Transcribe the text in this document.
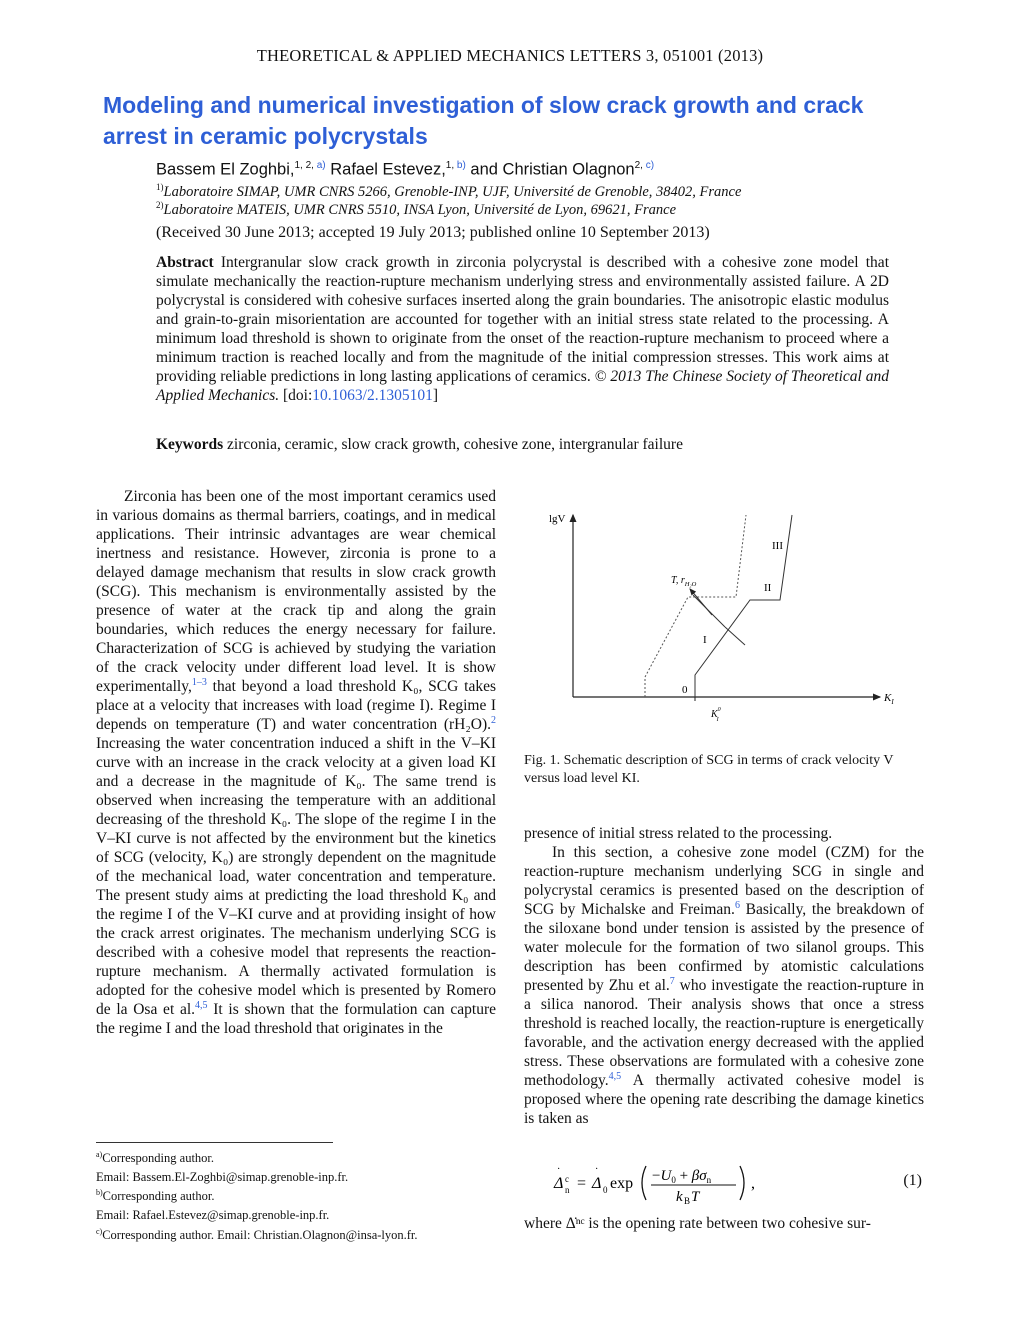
THEORETICAL & APPLIED MECHANICS LETTERS 3, 051001 (2013)
Modeling and numerical investigation of slow crack growth and crack arrest in ceramic polycrystals
Bassem El Zoghbi,$^{1, 2, a)}$ Rafael Estevez,$^{1, b)}$ and Christian Olagnon$^{2, c)}$
$^{1)}$Laboratoire SIMAP, UMR CNRS 5266, Grenoble-INP, UJF, Université de Grenoble, 38402, France
$^{2)}$Laboratoire MATEIS, UMR CNRS 5510, INSA Lyon, Université de Lyon, 69621, France
(Received 30 June 2013; accepted 19 July 2013; published online 10 September 2013)
Abstract Intergranular slow crack growth in zirconia polycrystal is described with a cohesive zone model that simulate mechanically the reaction-rupture mechanism underlying stress and environmentally assisted failure. A 2D polycrystal is considered with cohesive surfaces inserted along the grain boundaries. The anisotropic elastic modulus and grain-to-grain misorientation are accounted for together with an initial stress state related to the processing. A minimum load threshold is shown to originate from the onset of the reaction-rupture mechanism to proceed where a minimum traction is reached locally and from the magnitude of the initial compression stresses. This work aims at providing reliable predictions in long lasting applications of ceramics. © 2013 The Chinese Society of Theoretical and Applied Mechanics. [doi:10.1063/2.1305101]
Keywords zirconia, ceramic, slow crack growth, cohesive zone, intergranular failure

Zirconia has been one of the most important ceramics used in various domains as thermal barriers, coatings, and in medical applications. Their intrinsic advantages are wear chemical inertness and resistance. However, zirconia is prone to a delayed damage mechanism that results in slow crack growth (SCG). This mechanism is environmentally assisted by the presence of water at the crack tip and along the grain boundaries, which reduces the energy necessary for failure. Characterization of SCG is achieved by studying the variation of the crack velocity under different load level. It is show experimentally,$^{1-3}$ that beyond a load threshold K₀, SCG takes place at a velocity that increases with load (regime I). Regime I depends on temperature (T) and water concentration (rH₂O).$^2$ Increasing the water concentration induced a shift in the V–KI curve with an increase in the crack velocity at a given load KI and a decrease in the magnitude of K₀. The same trend is observed when increasing the temperature with an additional decreasing of the threshold K₀. The slope of the regime I in the V–KI curve is not affected by the environment but the kinetics of SCG (velocity, K₀) are strongly dependent on the magnitude of the mechanical load, water concentration and temperature. The present study aims at predicting the load threshold K₀ and the regime I of the V–KI curve and at providing insight of how the crack arrest originates. The mechanism underlying SCG is described with a cohesive model that represents the reaction-rupture mechanism. A thermally activated formulation is adopted for the cohesive model which is presented by Romero de la Osa et al.$^{4,5}$ It is shown that the formulation can capture the regime I and the load threshold that originates in the

$^{a)}$Corresponding author.
Email: Bassem.El-Zoghbi@simap.grenoble-inp.fr.
$^{b)}$Corresponding author.
Email: Rafael.Estevez@simap.grenoble-inp.fr.
$^{c)}$Corresponding author. Email: Christian.Olagnon@insa-lyon.fr.
lgV
$K_I$
I
II
III
0
T, $r_{H_2O}$
$K^0$ I
Fig. 1. Schematic description of SCG in terms of crack velocity V versus load level KI.

presence of initial stress related to the processing.

In this section, a cohesive zone model (CZM) for the reaction-rupture mechanism underlying SCG in single and polycrystal ceramics is presented based on the description of SCG by Michalske and Freiman.$^6$ Basically, the breakdown of the siloxane bond under tension is assisted by the presence of water molecule for the formation of two silanol groups. This description has been confirmed by atomistic calculations presented by Zhu et al.$^7$ who investigate the reaction-rupture in a silica nanorod. Their analysis shows that once a stress threshold is reached locally, the reaction-rupture is energetically favorable, and the activation energy decreased with the applied stress. These observations are formulated with a cohesive zone methodology.$^{4,5}$ A thermally activated cohesive model is proposed where the opening rate describing the damage kinetics is taken as

Δ
·
c
n = Δ
·
0 $\exp -U_0 + \beta\sigma_n$
k B T
,	(1)
where Δ̇ⁿᶜ is the opening rate between two cohesive sur-
